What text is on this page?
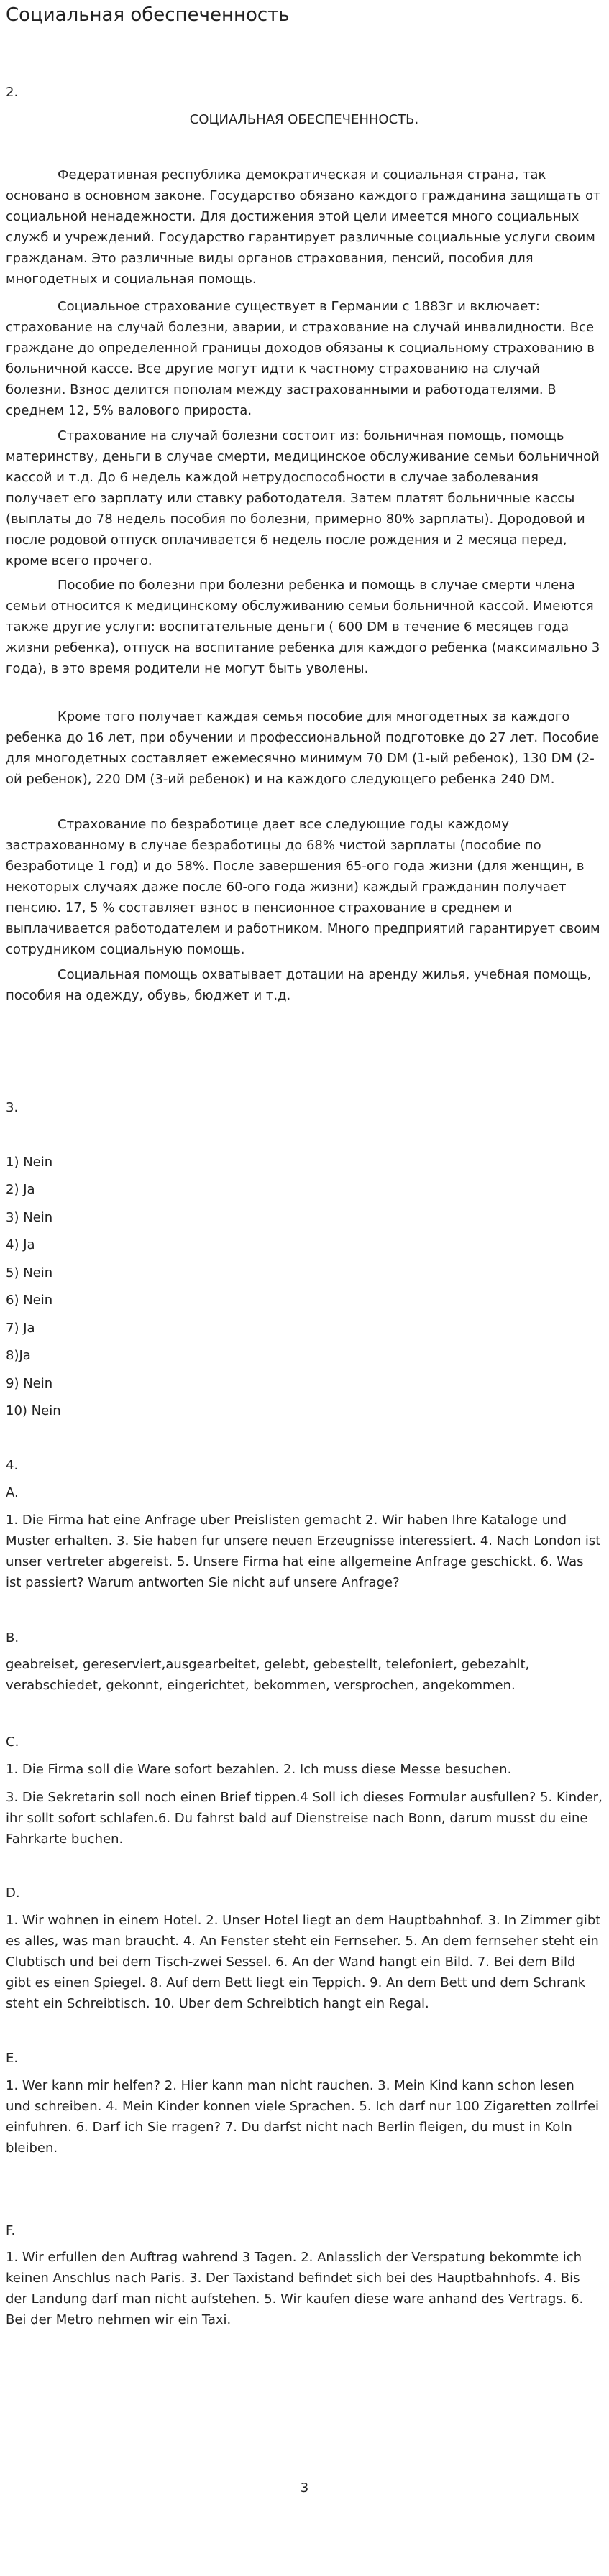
Социальная обеспеченность

2.

СОЦИАЛЬНАЯ ОБЕСПЕЧЕННОСТЬ.

Федеративная республика демократическая и социальная страна, так основано в основном законе. Государство обязано каждого гражданина защищать от социальной ненадежности. Для достижения этой цели имеется много социальных служб и учреждений. Государство гарантирует различные социальные услуги своим гражданам. Это различные виды органов страхования, пенсий, пособия для многодетных и социальная помощь.

Социальное страхование существует в Германии с 1883г и включает: страхование на случай болезни, аварии, и страхование на случай инвалидности. Все граждане до определенной границы доходов обязаны к социальному страхованию в больничной кассе. Все другие могут идти к частному страхованию на случай болезни. Взнос делится пополам между застрахованными и работодателями. В среднем 12, 5% валового прироста.

Страхование на случай болезни состоит из: больничная помощь, помощь материнству, деньги в случае смерти, медицинское обслуживание семьи больничной кассой и т.д. До 6 недель каждой нетрудоспособности в случае заболевания получает его зарплату или ставку работодателя. Затем платят больничные кассы (выплаты до 78 недель пособия по болезни, примерно 80% зарплаты). Дородовой и после родовой отпуск оплачивается 6 недель после рождения и 2 месяца перед, кроме всего прочего.

Пособие по болезни при болезни ребенка и помощь в случае смерти члена семьи относится к медицинскому обслуживанию семьи больничной кассой. Имеются также другие услуги: воспитательные деньги ( 600 DM в течение 6 месяцев года жизни ребенка), отпуск на воспитание ребенка для каждого ребенка (максимально 3 года), в это время родители не могут быть уволены.

Кроме того получает каждая семья пособие для многодетных за каждого ребенка до 16 лет, при обучении и профессиональной подготовке до 27 лет. Пособие для многодетных составляет ежемесячно минимум 70 DM (1-ый ребенок), 130 DM (2-ой ребенок), 220 DM (3-ий ребенок) и на каждого следующего ребенка 240 DM.

Страхование по безработице дает все следующие годы каждому застрахованному в случае безработицы до 68% чистой зарплаты (пособие по безработице 1 год) и до 58%. После завершения 65-ого года жизни (для женщин, в некоторых случаях даже после 60-ого года жизни) каждый гражданин получает пенсию. 17, 5 % составляет взнос в пенсионное страхование в среднем и выплачивается работодателем и работником. Много предприятий гарантирует своим сотрудником социальную помощь.

Социальная помощь охватывает дотации на аренду жилья, учебная помощь, пособия на одежду, обувь, бюджет и т.д.

3.

1) Nein

2) Ja

3) Nein

4) Ja

5) Nein

6) Nein

7) Ja

8)Ja

9) Nein

10) Nein

4.

A.

1. Die Firma hat eine Anfrage uber Preislisten gemacht 2. Wir haben Ihre Kataloge und Muster erhalten. 3. Sie haben fur unsere neuen Erzeugnisse interessiert. 4. Nach London ist unser vertreter abgereist. 5. Unsere Firma hat eine allgemeine Anfrage geschickt. 6. Was ist passiert? Warum antworten Sie nicht auf unsere Anfrage?

B.

geabreiset, gereserviert,ausgearbeitet, gelebt, gebestellt, telefoniert, gebezahlt, verabschiedet, gekonnt, eingerichtet, bekommen, versprochen, angekommen.

C.

1. Die Firma soll die Ware sofort bezahlen. 2. Ich muss diese Messe besuchen.

3. Die Sekretarin soll noch einen Brief tippen.4 Soll ich dieses Formular ausfullen? 5. Kinder, ihr sollt sofort schlafen.6. Du fahrst bald auf Dienstreise nach Bonn, darum musst du eine Fahrkarte buchen.

D.

1. Wir wohnen in einem Hotel. 2. Unser Hotel liegt an dem Hauptbahnhof. 3. In Zimmer gibt es alles, was man braucht. 4. An Fenster steht ein Fernseher. 5. An dem fernseher steht ein Clubtisch und bei dem Tisch-zwei Sessel. 6. An der Wand hangt ein Bild. 7. Bei dem Bild gibt es einen Spiegel. 8. Auf dem Bett liegt ein Teppich. 9. An dem Bett und dem Schrank steht ein Schreibtisch. 10. Uber dem Schreibtich hangt ein Regal.

E.

1. Wer kann mir helfen? 2. Hier kann man nicht rauchen. 3. Mein Kind kann schon lesen und schreiben. 4. Mein Kinder konnen viele Sprachen. 5. Ich darf nur 100 Zigaretten zollrfei einfuhren. 6. Darf ich Sie rragen? 7. Du darfst nicht nach Berlin fleigen, du must in Koln bleiben.

F.

1. Wir erfullen den Auftrag wahrend 3 Tagen. 2. Anlasslich der Verspatung bekommte ich keinen Anschlus nach Paris. 3. Der Taxistand befindet sich bei des Hauptbahnhofs. 4. Bis der Landung darf man nicht aufstehen. 5. Wir kaufen diese ware anhand des Vertrags. 6. Bei der Metro nehmen wir ein Taxi.

3
